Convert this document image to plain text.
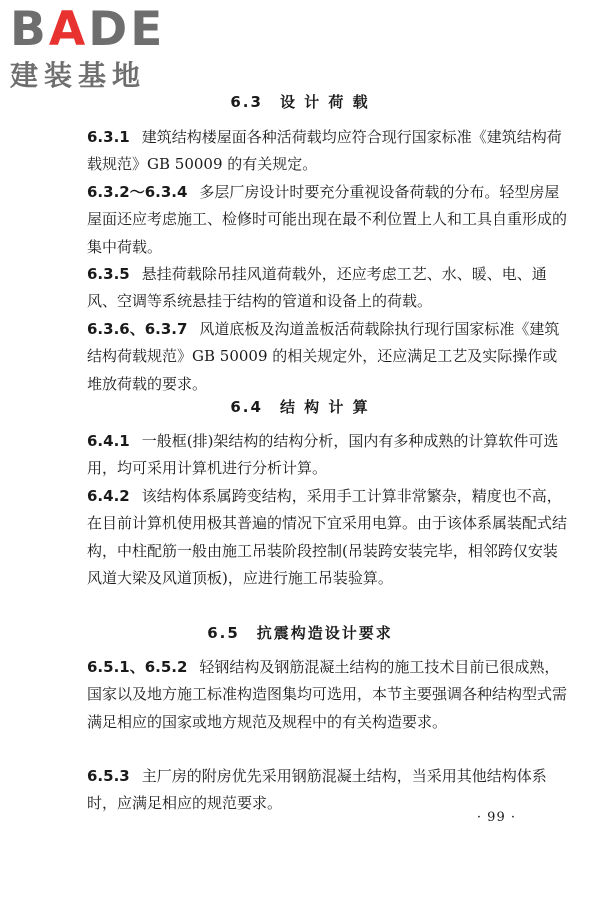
BADE
建装基地
6.3　设 计 荷 载
6.3.1 建筑结构楼屋面各种活荷载均应符合现行国家标准《建筑结构荷载规范》GB 50009 的有关规定。
6.3.2～6.3.4 多层厂房设计时要充分重视设备荷载的分布。轻型房屋屋面还应考虑施工、检修时可能出现在最不利位置上人和工具自重形成的集中荷载。
6.3.5 悬挂荷载除吊挂风道荷载外，还应考虑工艺、水、暖、电、通风、空调等系统悬挂于结构的管道和设备上的荷载。
6.3.6、6.3.7 风道底板及沟道盖板活荷载除执行现行国家标准《建筑结构荷载规范》GB 50009 的相关规定外，还应满足工艺及实际操作或堆放荷载的要求。
6.4　结 构 计 算
6.4.1 一般框(排)架结构的结构分析，国内有多种成熟的计算软件可选用，均可采用计算机进行分析计算。
6.4.2 该结构体系属跨变结构，采用手工计算非常繁杂，精度也不高，在目前计算机使用极其普遍的情况下宜采用电算。由于该体系属装配式结构，中柱配筋一般由施工吊装阶段控制(吊装跨安装完毕，相邻跨仅安装风道大梁及风道顶板)，应进行施工吊装验算。
6.5　抗震构造设计要求
6.5.1、6.5.2 轻钢结构及钢筋混凝土结构的施工技术目前已很成熟，国家以及地方施工标准构造图集均可选用，本节主要强调各种结构型式需满足相应的国家或地方规范及规程中的有关构造要求。
6.5.3 主厂房的附房优先采用钢筋混凝土结构，当采用其他结构体系时，应满足相应的规范要求。
· 99 ·
